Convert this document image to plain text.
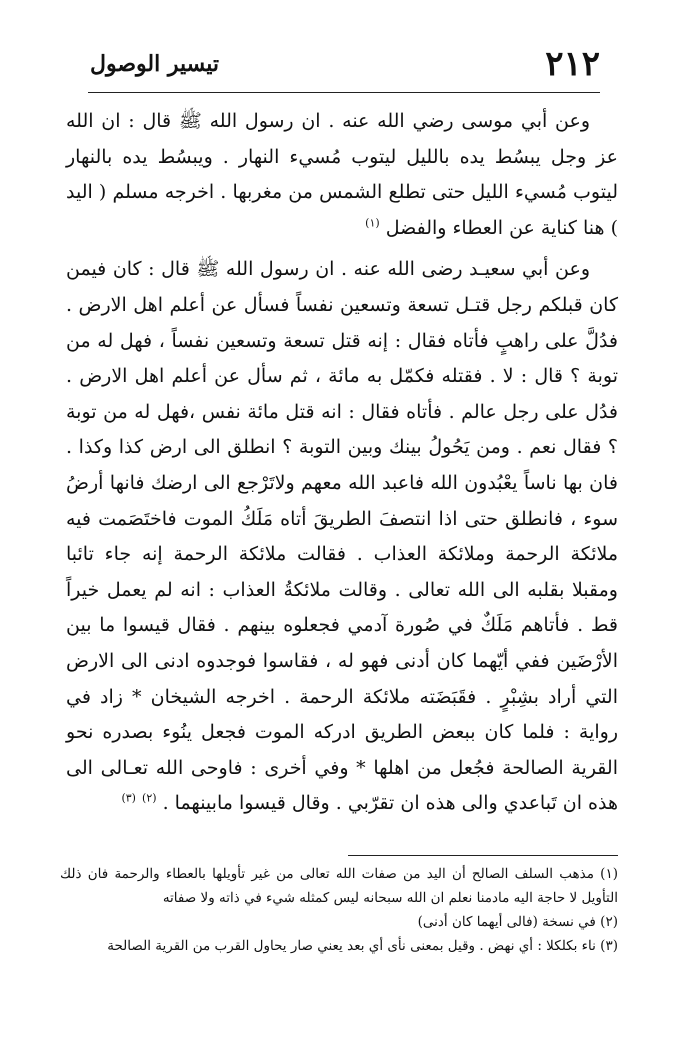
٢١٢
تيسير الوصول

وعن أبي موسى رضي الله عنه . ان رسول الله ﷺ قال : ان الله عز وجل يبسُط يده بالليل ليتوب مُسيء النهار . ويبسُط يده بالنهار ليتوب مُسيء الليل حتى تطلع الشمس من مغربها . اخرجه مسلم ( اليد ) هنا كناية عن العطاء والفضل $^{(١)}$

وعن أبي سعيـد رضى الله عنه . ان رسول الله ﷺ قال : كان فيمن كان قبلكم رجل قتـل تسعة وتسعين نفساً فسأل عن أعلم اهل الارض . فدُلَّ على راهبٍ فأتاه فقال : إنه قتل تسعة وتسعين نفساً ، فهل له من توبة ؟ قال : لا . فقتله فكمّل به مائة ، ثم سأل عن أعلم اهل الارض . فدُل على رجل عالم . فأتاه فقال : انه قتل مائة نفس ،فهل له من توبة ؟ فقال نعم . ومن يَحُولُ بينك وبين التوبة ؟ انطلق الى ارض كذا وكذا . فان بها ناساً يعْبُدون الله فاعبد الله معهم ولاتَرْجع الى ارضك فانها أرضُ سوء ، فانطلق حتى اذا انتصفَ الطريقَ أتاه مَلَكُ الموت فاختَصَمت فيه ملائكة الرحمة وملائكة العذاب . فقالت ملائكة الرحمة إنه جاء تائبا ومقبلا بقلبه الى الله تعالى . وقالت ملائكةُ العذاب : انه لم يعمل خيراً قط . فأتاهم مَلَكٌ في صُورة آدمي فجعلوه بينهم . فقال قيسوا ما بين الأرْضَين ففي أيّهما كان أدنى فهو له ، فقاسوا فوجدوه ادنى الى الارض التي أراد بشِبْرٍ . فقَبَضَته ملائكة الرحمة . اخرجه الشيخان * زاد في رواية : فلما كان ببعض الطريق ادركه الموت فجعل ينُوء بصدره نحو القرية الصالحة فجُعل من اهلها * وفي أخرى : فاوحى الله تعـالى الى هذه ان تَباعدي والى هذه ان تقرّبي . وقال قيسوا مابينهما . $^{(٢)}$ $^{(٣)}$

(١) مذهب السلف الصالح أن اليد من صفات الله تعالى من غير تأويلها بالعطاء والرحمة فان ذلك التأويل لا حاجة اليه مادمنا نعلم ان الله سبحانه ليس كمثله شيء في ذاته ولا صفاته

(٢) في نسخة (فالى أيهما كان أدنى)

(٣) ناء بكلكلا : أي نهض . وقيل بمعنى نأى أي بعد يعني صار يحاول القرب من القرية الصالحة
